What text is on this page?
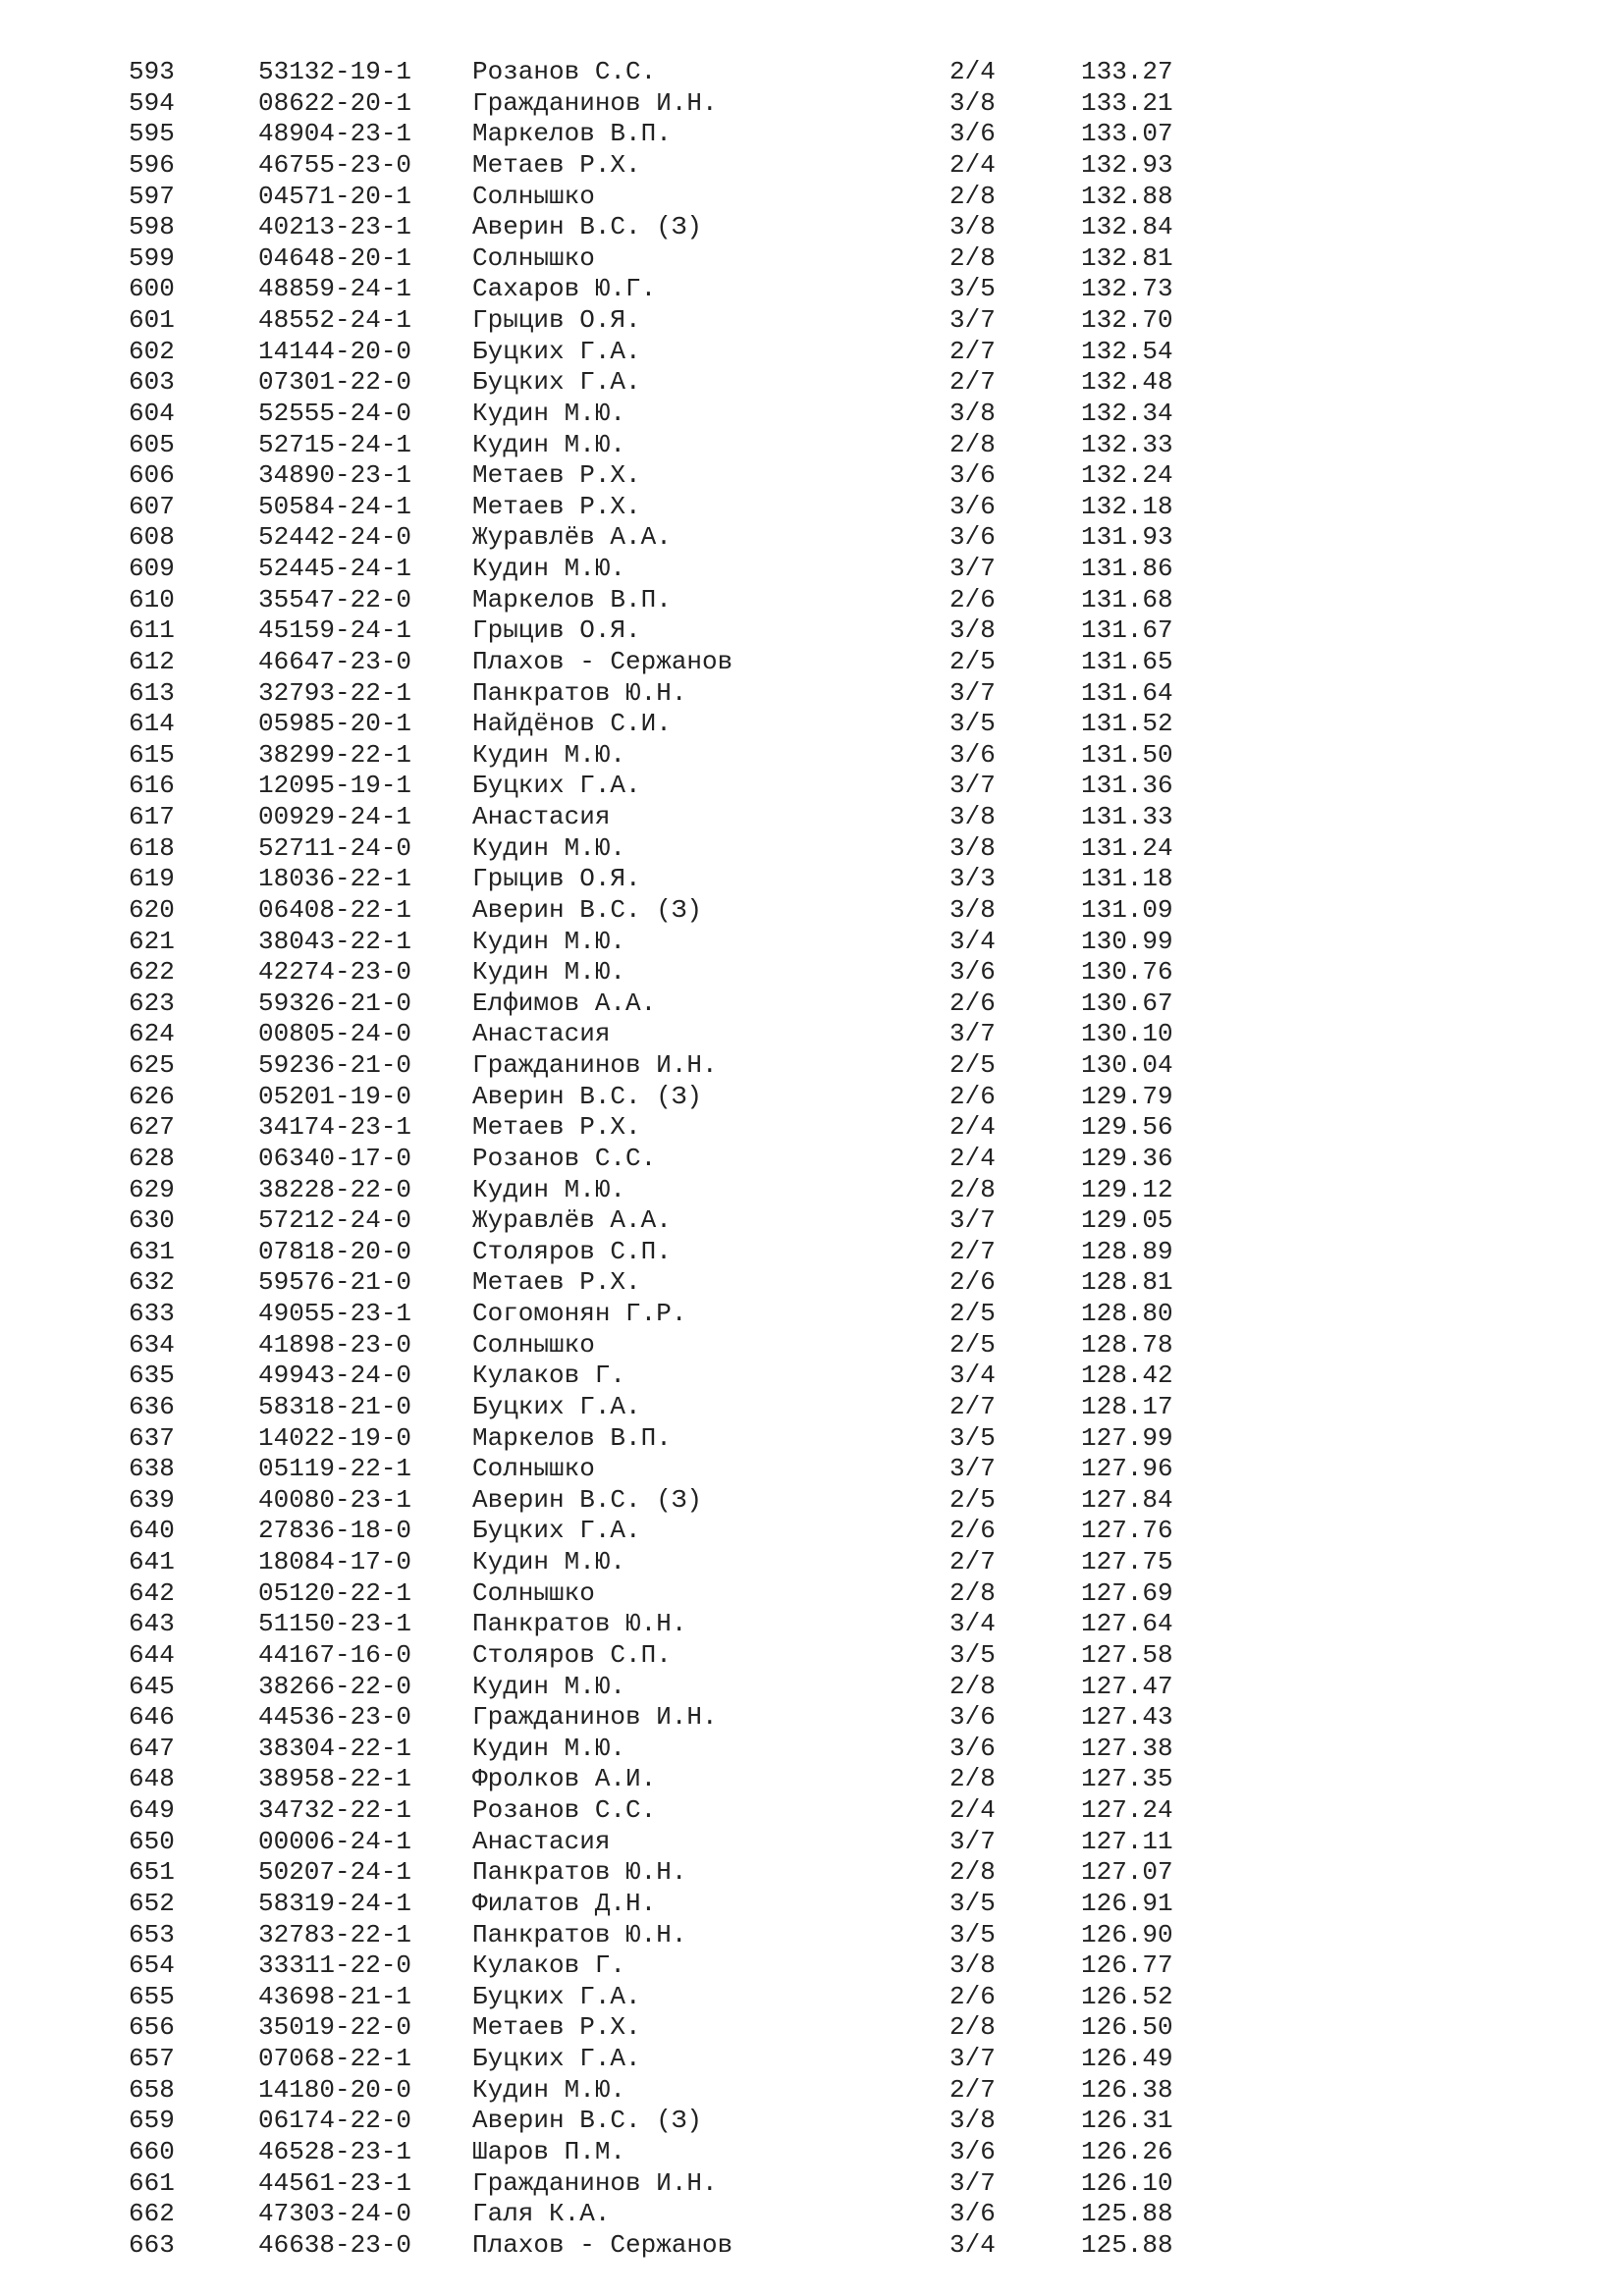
593	53132-19-1 Розанов С.С.	2/4	133.27
594	08622-20-1 Гражданинов И.Н.	3/8	133.21
595	48904-23-1 Маркелов В.П.	3/6	133.07
596	46755-23-0 Метаев Р.Х.	2/4	132.93
597	04571-20-1 Солнышко	2/8	132.88
598	40213-23-1 Аверин В.С. (З)	3/8	132.84
599	04648-20-1 Солнышко	2/8	132.81
600	48859-24-1 Сахаров Ю.Г.	3/5	132.73
601	48552-24-1 Грыцив О.Я.	3/7	132.70
602	14144-20-0 Буцких Г.А.	2/7	132.54
603	07301-22-0 Буцких Г.А.	2/7	132.48
604	52555-24-0 Кудин М.Ю.	3/8	132.34
605	52715-24-1 Кудин М.Ю.	2/8	132.33
606	34890-23-1 Метаев Р.Х.	3/6	132.24
607	50584-24-1 Метаев Р.Х.	3/6	132.18
608	52442-24-0 Журавлёв А.А.	3/6	131.93
609	52445-24-1 Кудин М.Ю.	3/7	131.86
610	35547-22-0 Маркелов В.П.	2/6	131.68
611	45159-24-1 Грыцив О.Я.	3/8	131.67
612	46647-23-0 Плахов - Сержанов	2/5	131.65
613	32793-22-1 Панкратов Ю.Н.	3/7	131.64
614	05985-20-1 Найдёнов С.И.	3/5	131.52
615	38299-22-1 Кудин М.Ю.	3/6	131.50
616	12095-19-1 Буцких Г.А.	3/7	131.36
617	00929-24-1 Анастасия	3/8	131.33
618	52711-24-0 Кудин М.Ю.	3/8	131.24
619	18036-22-1 Грыцив О.Я.	3/3	131.18
620	06408-22-1 Аверин В.С. (З)	3/8	131.09
621	38043-22-1 Кудин М.Ю.	3/4	130.99
622	42274-23-0 Кудин М.Ю.	3/6	130.76
623	59326-21-0 Елфимов А.А.	2/6	130.67
624	00805-24-0 Анастасия	3/7	130.10
625	59236-21-0 Гражданинов И.Н.	2/5	130.04
626	05201-19-0 Аверин В.С. (З)	2/6	129.79
627	34174-23-1 Метаев Р.Х.	2/4	129.56
628	06340-17-0 Розанов С.С.	2/4	129.36
629	38228-22-0 Кудин М.Ю.	2/8	129.12
630	57212-24-0 Журавлёв А.А.	3/7	129.05
631	07818-20-0 Столяров С.П.	2/7	128.89
632	59576-21-0 Метаев Р.Х.	2/6	128.81
633	49055-23-1 Согомонян Г.Р.	2/5	128.80
634	41898-23-0 Солнышко	2/5	128.78
635	49943-24-0 Кулаков Г.	3/4	128.42
636	58318-21-0 Буцких Г.А.	2/7	128.17
637	14022-19-0 Маркелов В.П.	3/5	127.99
638	05119-22-1 Солнышко	3/7	127.96
639	40080-23-1 Аверин В.С. (З)	2/5	127.84
640	27836-18-0 Буцких Г.А.	2/6	127.76
641	18084-17-0 Кудин М.Ю.	2/7	127.75
642	05120-22-1 Солнышко	2/8	127.69
643	51150-23-1 Панкратов Ю.Н.	3/4	127.64
644	44167-16-0 Столяров С.П.	3/5	127.58
645	38266-22-0 Кудин М.Ю.	2/8	127.47
646	44536-23-0 Гражданинов И.Н.	3/6	127.43
647	38304-22-1 Кудин М.Ю.	3/6	127.38
648	38958-22-1 Фролков А.И.	2/8	127.35
649	34732-22-1 Розанов С.С.	2/4	127.24
650	00006-24-1 Анастасия	3/7	127.11
651	50207-24-1 Панкратов Ю.Н.	2/8	127.07
652	58319-24-1 Филатов Д.Н.	3/5	126.91
653	32783-22-1 Панкратов Ю.Н.	3/5	126.90
654	33311-22-0 Кулаков Г.	3/8	126.77
655	43698-21-1 Буцких Г.А.	2/6	126.52
656	35019-22-0 Метаев Р.Х.	2/8	126.50
657	07068-22-1 Буцких Г.А.	3/7	126.49
658	14180-20-0 Кудин М.Ю.	2/7	126.38
659	06174-22-0 Аверин В.С. (З)	3/8	126.31
660	46528-23-1 Шаров П.М.	3/6	126.26
661	44561-23-1 Гражданинов И.Н.	3/7	126.10
662	47303-24-0 Галя К.А.	3/6	125.88
663	46638-23-0 Плахов - Сержанов	3/4	125.88
